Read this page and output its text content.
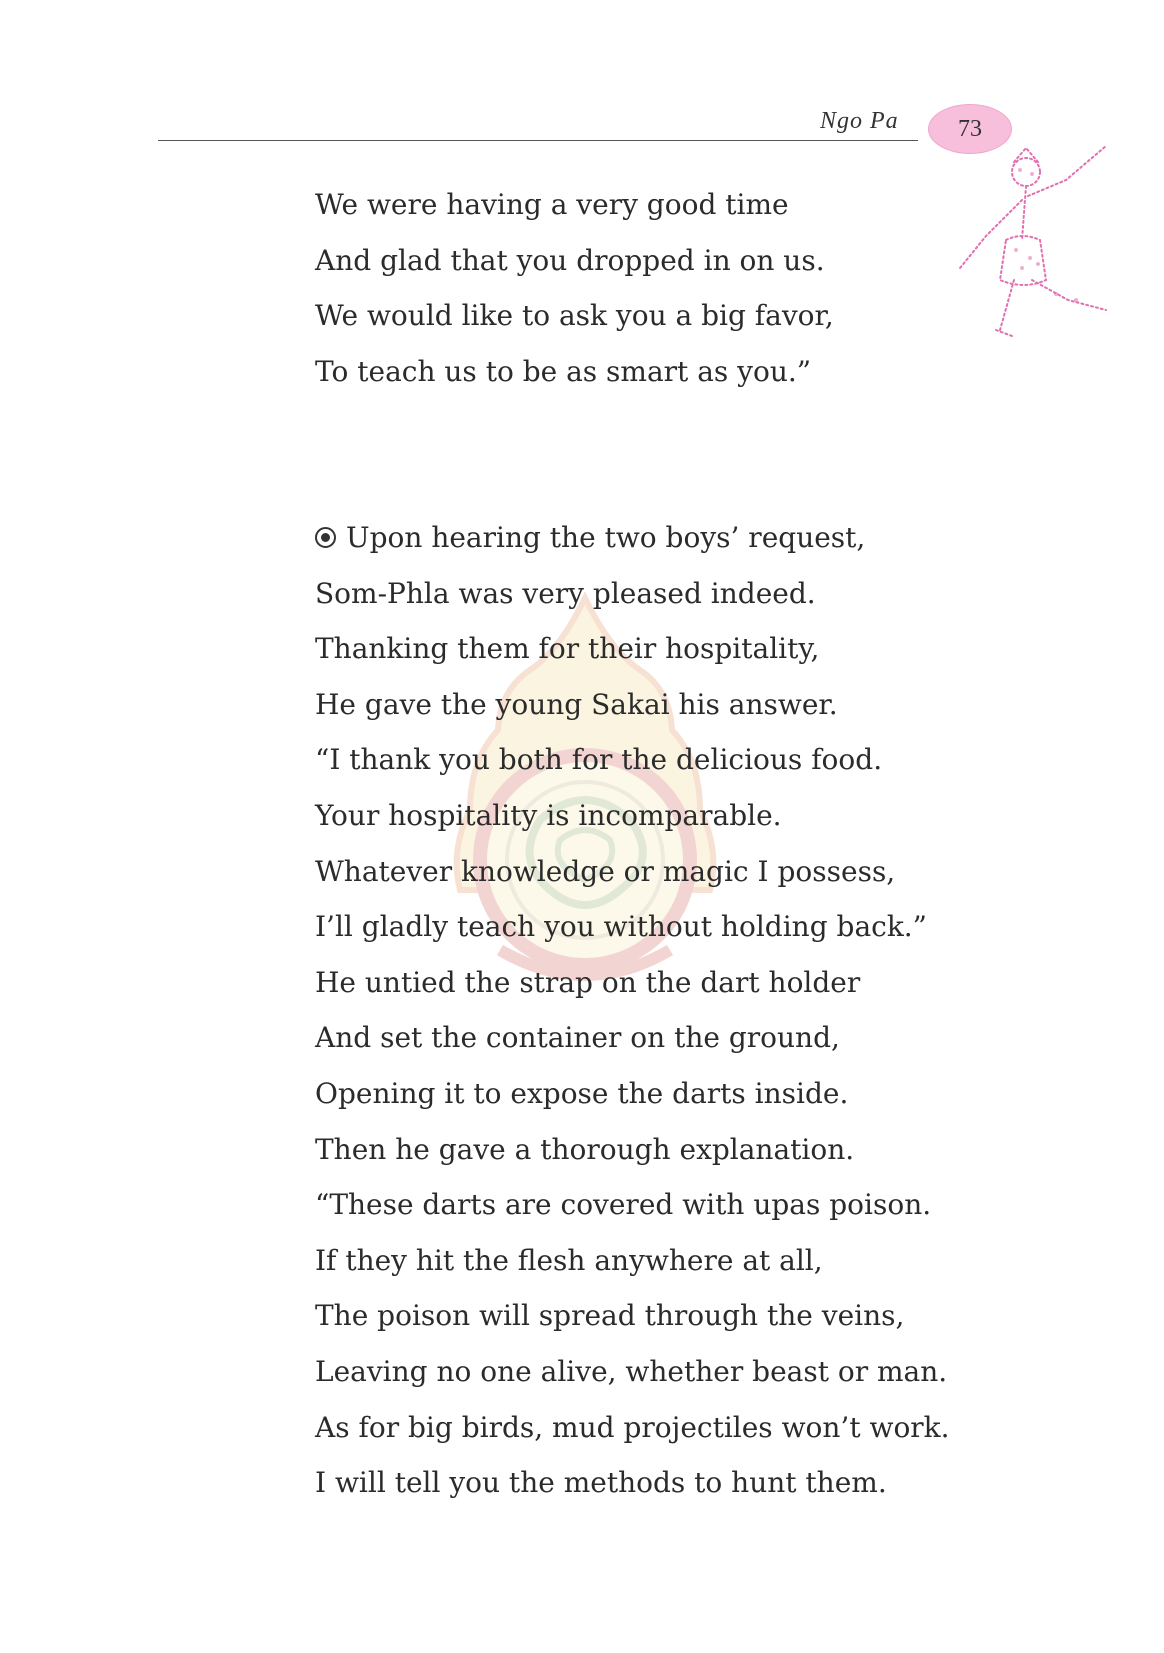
Ngo Pa 73
We were having a very good time
And glad that you dropped in on us.
We would like to ask you a big favor,
To teach us to be as smart as you.”
Upon hearing the two boys’ request,
Som-Phla was very pleased indeed.
Thanking them for their hospitality,
He gave the young Sakai his answer.
“I thank you both for the delicious food.
Your hospitality is incomparable.
Whatever knowledge or magic I possess,
I’ll gladly teach you without holding back.”
He untied the strap on the dart holder
And set the container on the ground,
Opening it to expose the darts inside.
Then he gave a thorough explanation.
“These darts are covered with upas poison.
If they hit the flesh anywhere at all,
The poison will spread through the veins,
Leaving no one alive, whether beast or man.
As for big birds, mud projectiles won’t work.
I will tell you the methods to hunt them.
